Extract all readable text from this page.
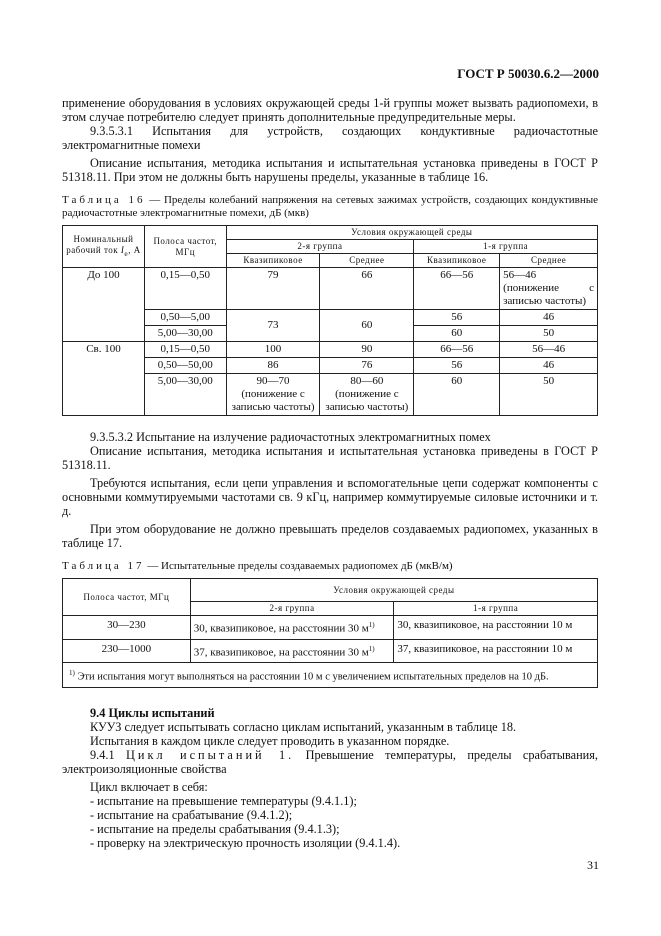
ГОСТ Р 50030.6.2—2000

применение оборудования в условиях окружающей среды 1-й группы может вызвать радиопомехи, в этом случае потребителю следует принять дополнительные предупредительные меры.

9.3.5.3.1 Испытания для устройств, создающих кондуктивные радиочастотные электромагнитные помехи

Описание испытания, методика испытания и испытательная установка приведены в ГОСТ Р 51318.11. При этом не должны быть нарушены пределы, указанные в таблице 16.

Таблица 16 — Пределы колебаний напряжения на сетевых зажимах устройств, создающих кондуктивные радиочастотные электромагнитные помехи, дБ (мкв)

Номинальный рабочий ток $I_e$, А	Полоса частот, МГц	Условия окружающей среды			
		2-я группа		1-я группа	
		Квазипиковое	Среднее	Квазипиковое	Среднее
До 100	0,15—0,50	79	66	66—56	56—46 (понижение с записью частоты)
	0,50—5,00	73	60	56	46
	5,00—30,00			60	50
Св. 100	0,15—0,50	100	90	66—56	56—46
	0,50—50,00	86	76	56	46
	5,00—30,00	90—70 (понижение с записью частоты)	80—60 (понижение с записью частоты)	60	50

9.3.5.3.2 Испытание на излучение радиочастотных электромагнитных помех

Описание испытания, методика испытания и испытательная установка приведены в ГОСТ Р 51318.11.

Требуются испытания, если цепи управления и вспомогательные цепи содержат компоненты с основными коммутируемыми частотами св. 9 кГц, например коммутируемые силовые источники и т. д.

При этом оборудование не должно превышать пределов создаваемых радиопомех, указанных в таблице 17.

Таблица 17 — Испытательные пределы создаваемых радиопомех дБ (мкВ/м)

Полоса частот, МГц	Условия окружающей среды	
	2-я группа	1-я группа
30—230	30, квазипиковое, на расстоянии 30 $м^{1)}$	30, квазипиковое, на расстоянии 10 м
230—1000	37, квазипиковое, на расстоянии 30 $м^{1)}$	37, квазипиковое, на расстоянии 10 м
$^{1)}$ Эти испытания могут выполняться на расстоянии 10 м с увеличением испытательных пределов на 10 дБ.		

9.4 Циклы испытаний

КУУЗ следует испытывать согласно циклам испытаний, указанным в таблице 18.

Испытания в каждом цикле следует проводить в указанном порядке.

9.4.1 Цикл испытаний 1. Превышение температуры, пределы срабатывания, электроизоляционные свойства

Цикл включает в себя:

- испытание на превышение температуры (9.4.1.1);

- испытание на срабатывание (9.4.1.2);

- испытание на пределы срабатывания (9.4.1.3);

- проверку на электрическую прочность изоляции (9.4.1.4).

31
